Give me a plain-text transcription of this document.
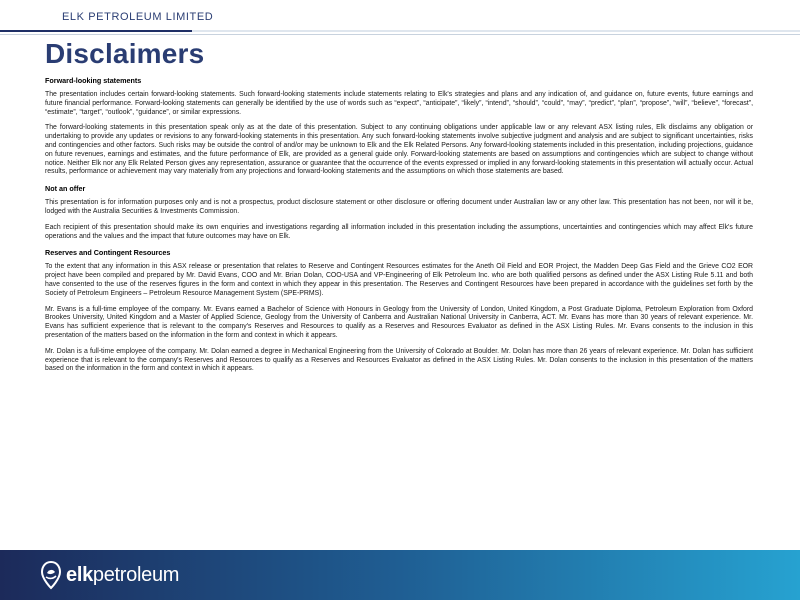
ELK PETROLEUM LIMITED
Disclaimers
Forward-looking statements

The presentation includes certain forward-looking statements. Such forward-looking statements include statements relating to Elk's strategies and plans and any indication of, and guidance on, future events, future earnings and future financial performance. Forward-looking statements can generally be identified by the use of words such as “expect”, “anticipate”, “likely”, “intend”, “should”, “could”, “may”, “predict”, “plan”, “propose”, “will”, “believe”, “forecast”, “estimate”, “target”, “outlook”, “guidance”, or similar expressions.

The forward-looking statements in this presentation speak only as at the date of this presentation. Subject to any continuing obligations under applicable law or any relevant ASX listing rules, Elk disclaims any obligation or undertaking to provide any updates or revisions to any forward-looking statements in this presentation. Any such forward-looking statements involve subjective judgment and analysis and are subject to significant uncertainties, risks and contingencies and other factors. Such risks may be outside the control of and/or may be unknown to Elk and the Elk Related Persons. Any forward-looking statements included in this presentation, including projections, guidance on future revenues, earnings and estimates, and the future performance of Elk, are provided as a general guide only. Forward-looking statements are based on assumptions and contingencies which are subject to change without notice. Neither Elk nor any Elk Related Person gives any representation, assurance or guarantee that the occurrence of the events expressed or implied in any forward-looking statements in this presentation will actually occur. Actual results, performance or achievement may vary materially from any projections and forward-looking statements and the assumptions on which those statements are based.

Not an offer

This presentation is for information purposes only and is not a prospectus, product disclosure statement or other disclosure or offering document under Australian law or any other law. This presentation has not been, nor will it be, lodged with the Australia Securities & Investments Commission.

Each recipient of this presentation should make its own enquiries and investigations regarding all information included in this presentation including the assumptions, uncertainties and contingencies which may affect Elk's future operations and the values and the impact that future outcomes may have on Elk.

Reserves and Contingent Resources

To the extent that any information in this ASX release or presentation that relates to Reserve and Contingent Resources estimates for the Aneth Oil Field and EOR Project, the Madden Deep Gas Field and the Grieve CO2 EOR project have been compiled and prepared by Mr. David Evans, COO and Mr. Brian Dolan, COO-USA and VP-Engineering of Elk Petroleum Inc. who are both qualified persons as defined under the ASX Listing Rule 5.11 and both have consented to the use of the reserves figures in the form and context in which they appear in this presentation. The Reserves and Contingent Resources have been prepared in accordance with the guidelines set forth by the Society of Petroleum Engineers – Petroleum Resource Management System (SPE-PRMS).

Mr. Evans is a full-time employee of the company. Mr. Evans earned a Bachelor of Science with Honours in Geology from the University of London, United Kingdom, a Post Graduate Diploma, Petroleum Exploration from Oxford Brookes University, United Kingdom and a Master of Applied Science, Geology from the University of Canberra and Australian National University in Canberra, ACT. Mr. Evans has more than 30 years of relevant experience. Mr. Evans has sufficient experience that is relevant to the company's Reserves and Resources to qualify as a Reserves and Resources Evaluator as defined in the ASX Listing Rules. Mr. Evans consents to the inclusion in this presentation of the matters based on the information in the form and context in which it appears.

Mr. Dolan is a full-time employee of the company. Mr. Dolan earned a degree in Mechanical Engineering from the University of Colorado at Boulder. Mr. Dolan has more than 26 years of relevant experience. Mr. Dolan has sufficient experience that is relevant to the company's Reserves and Resources to qualify as a Reserves and Resources Evaluator as defined in the ASX Listing Rules. Mr. Dolan consents to the inclusion in this presentation of the matters based on the information in the form and context in which it appears.

elkpetroleum
